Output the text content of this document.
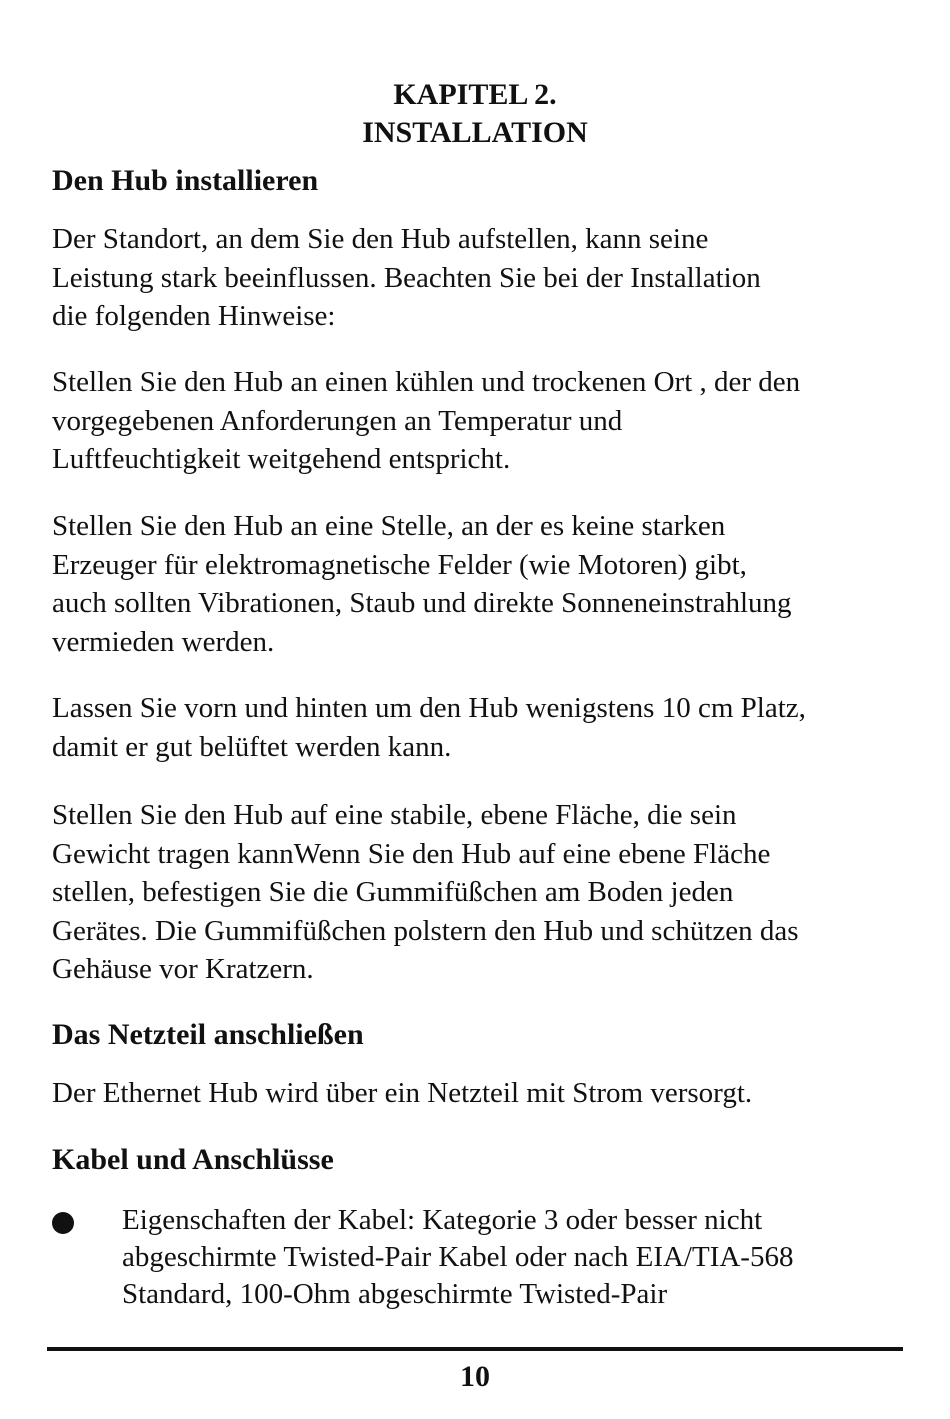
KAPITEL 2.
INSTALLATION
Den Hub installieren
Der Standort, an dem Sie den Hub aufstellen, kann seine
Leistung stark beeinflussen. Beachten Sie bei der Installation
die folgenden Hinweise:
Stellen Sie den Hub an einen kühlen und trockenen Ort , der den
vorgegebenen Anforderungen an Temperatur und
Luftfeuchtigkeit weitgehend entspricht.
Stellen Sie den Hub an eine Stelle, an der es keine starken
Erzeuger für elektromagnetische Felder (wie Motoren) gibt,
auch sollten Vibrationen, Staub und direkte Sonneneinstrahlung
vermieden werden.
Lassen Sie vorn und hinten um den Hub wenigstens 10 cm Platz,
damit er gut belüftet werden kann.
Stellen Sie den Hub auf eine stabile, ebene Fläche, die sein
Gewicht tragen kannWenn Sie den Hub auf eine ebene Fläche
stellen, befestigen Sie die Gummifüßchen am Boden jeden
Gerätes. Die Gummifüßchen polstern den Hub und schützen das
Gehäuse vor Kratzern.
Das Netzteil anschließen
Der Ethernet Hub wird über ein Netzteil mit Strom versorgt.
Kabel und Anschlüsse
Eigenschaften der Kabel: Kategorie 3 oder besser nicht
abgeschirmte Twisted-Pair Kabel oder nach EIA/TIA-568
Standard, 100-Ohm abgeschirmte Twisted-Pair
10
